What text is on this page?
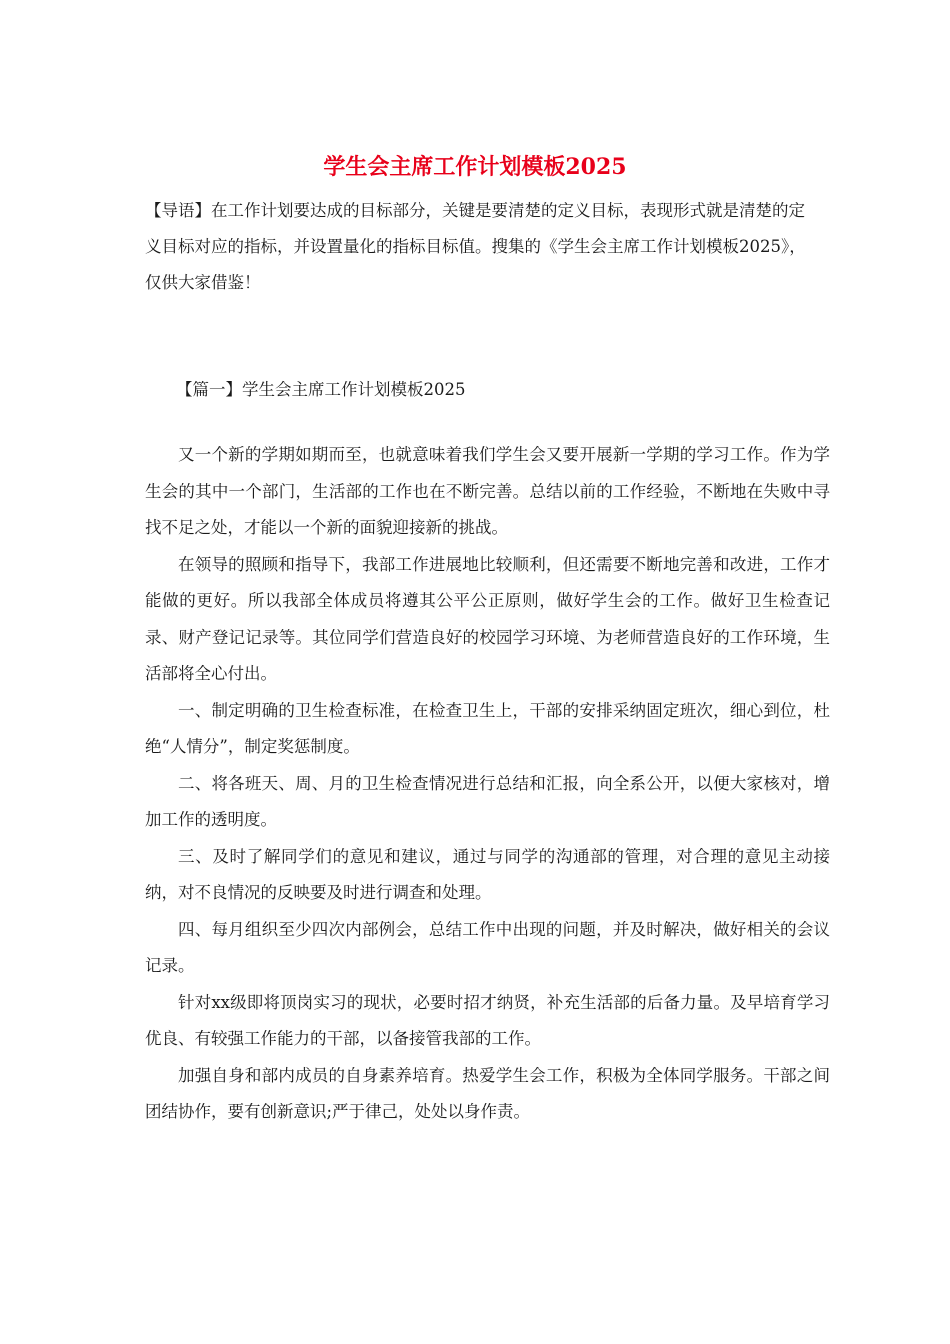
学生会主席工作计划模板2025

【导语】在工作计划要达成的目标部分，关键是要清楚的定义目标，表现形式就是清楚的定义目标对应的指标，并设置量化的指标目标值。搜集的《学生会主席工作计划模板2025》，仅供大家借鉴！

【篇一】学生会主席工作计划模板2025

又一个新的学期如期而至，也就意味着我们学生会又要开展新一学期的学习工作。作为学生会的其中一个部门，生活部的工作也在不断完善。总结以前的工作经验，不断地在失败中寻找不足之处，才能以一个新的面貌迎接新的挑战。

在领导的照顾和指导下，我部工作进展地比较顺利，但还需要不断地完善和改进，工作才能做的更好。所以我部全体成员将遵其公平公正原则，做好学生会的工作。做好卫生检查记录、财产登记记录等。其位同学们营造良好的校园学习环境、为老师营造良好的工作环境，生活部将全心付出。

一、制定明确的卫生检查标准，在检查卫生上，干部的安排采纳固定班次，细心到位，杜绝“人情分”，制定奖惩制度。

二、将各班天、周、月的卫生检查情况进行总结和汇报，向全系公开，以便大家核对，增加工作的透明度。

三、及时了解同学们的意见和建议，通过与同学的沟通部的管理，对合理的意见主动接纳，对不良情况的反映要及时进行调查和处理。

四、每月组织至少四次内部例会，总结工作中出现的问题，并及时解决，做好相关的会议记录。

针对xx级即将顶岗实习的现状，必要时招才纳贤，补充生活部的后备力量。及早培育学习优良、有较强工作能力的干部，以备接管我部的工作。

加强自身和部内成员的自身素养培育。热爱学生会工作，积极为全体同学服务。干部之间团结协作，要有创新意识;严于律己，处处以身作责。
